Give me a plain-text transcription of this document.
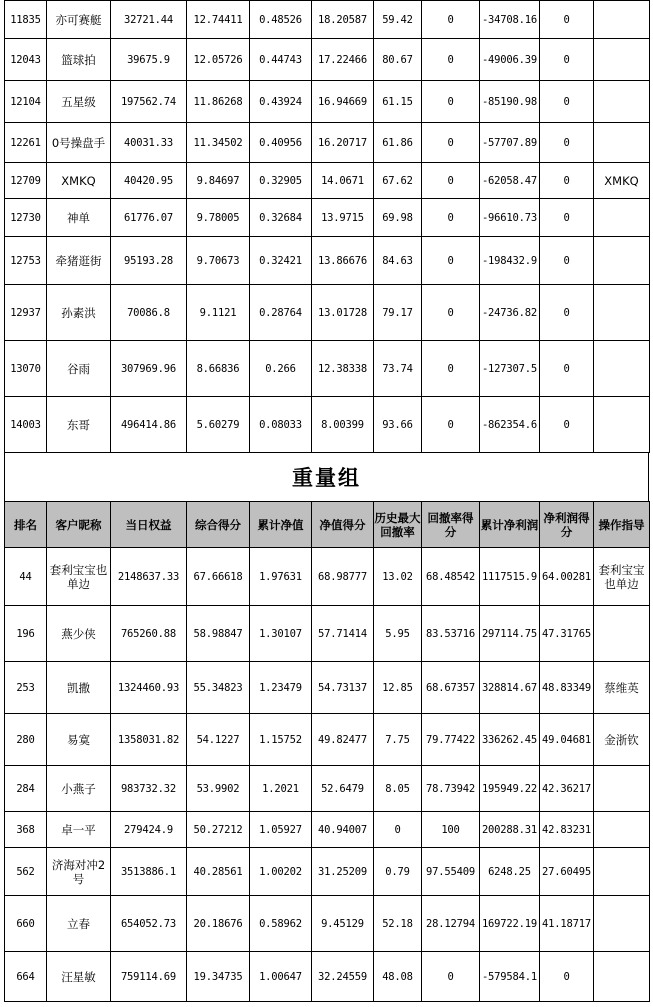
11835	亦可赛艇	32721.44	12.74411	0.48526	18.20587	59.42	0	-34708.16	0	
12043	篮球拍	39675.9	12.05726	0.44743	17.22466	80.67	0	-49006.39	0	
12104	五星级	197562.74	11.86268	0.43924	16.94669	61.15	0	-85190.98	0	
12261	0号操盘手	40031.33	11.34502	0.40956	16.20717	61.86	0	-57707.89	0	
12709	XMKQ	40420.95	9.84697	0.32905	14.0671	67.62	0	-62058.47	0	XMKQ
12730	神单	61776.07	9.78005	0.32684	13.9715	69.98	0	-96610.73	0	
12753	牵猪逛街	95193.28	9.70673	0.32421	13.86676	84.63	0	-198432.9	0	
12937	孙素洪	70086.8	9.1121	0.28764	13.01728	79.17	0	-24736.82	0	
13070	谷雨	307969.96	8.66836	0.266	12.38338	73.74	0	-127307.5	0	
14003	东哥	496414.86	5.60279	0.08033	8.00399	93.66	0	-862354.6	0	
重量组
排名	客户昵称	当日权益	综合得分	累计净值	净值得分	历史最大回撤率	回撤率得分	累计净利润	净利润得分	操作指导
44	套利宝宝也单边	2148637.33	67.66618	1.97631	68.98777	13.02	68.48542	1117515.9	64.00281	套利宝宝也单边
196	燕少侠	765260.88	58.98847	1.30107	57.71414	5.95	83.53716	297114.75	47.31765	
253	凯撒	1324460.93	55.34823	1.23479	54.73137	12.85	68.67357	328814.67	48.83349	蔡维英
280	易寞	1358031.82	54.1227	1.15752	49.82477	7.75	79.77422	336262.45	49.04681	金浙钦
284	小燕子	983732.32	53.9902	1.2021	52.6479	8.05	78.73942	195949.22	42.36217	
368	卓一平	279424.9	50.27212	1.05927	40.94007	0	100	200288.31	42.83231	
562	济海对冲2号	3513886.1	40.28561	1.00202	31.25209	0.79	97.55409	6248.25	27.60495	
660	立春	654052.73	20.18676	0.58962	9.45129	52.18	28.12794	169722.19	41.18717	
664	汪星敏	759114.69	19.34735	1.00647	32.24559	48.08	0	-579584.1	0	
